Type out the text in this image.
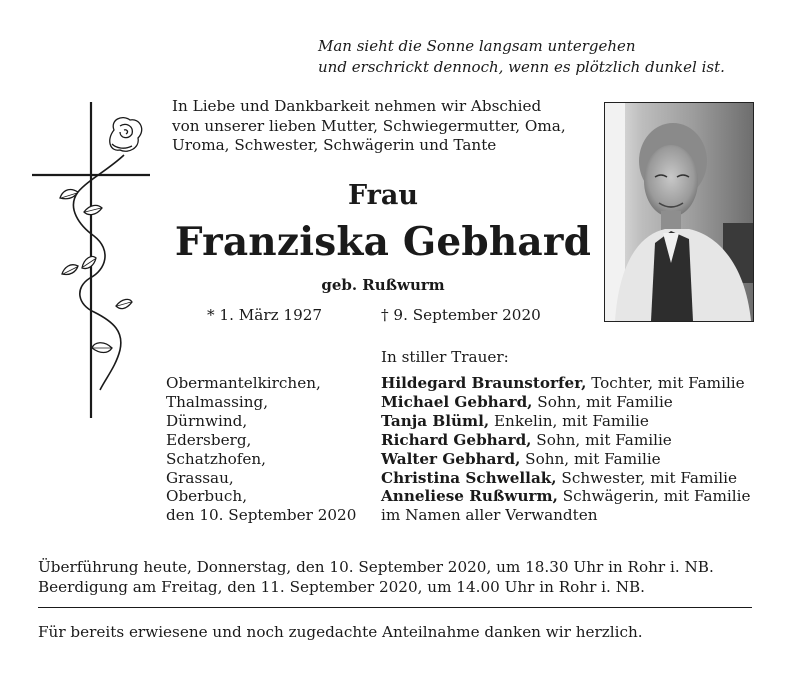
Man sieht die Sonne langsam untergehen
und erschrickt dennoch, wenn es plötzlich dunkel ist.
In Liebe und Dankbarkeit nehmen wir Abschied
von unserer lieben Mutter, Schwiegermutter, Oma,
Uroma, Schwester, Schwägerin und Tante
Frau
Franziska Gebhard
geb. Rußwurm
* 1. März 1927	† 9. September 2020
In stiller Trauer:
Obermantelkirchen,
Thalmassing,
Dürnwind,
Edersberg,
Schatzhofen,
Grassau,
Oberbuch,
den 10. September 2020
Hildegard Braunstorfer, Tochter, mit Familie
Michael Gebhard, Sohn, mit Familie
Tanja Blüml, Enkelin, mit Familie
Richard Gebhard, Sohn, mit Familie
Walter Gebhard, Sohn, mit Familie
Christina Schwellak, Schwester, mit Familie
Anneliese Rußwurm, Schwägerin, mit Familie
im Namen aller Verwandten
Überführung heute, Donnerstag, den 10. September 2020, um 18.30 Uhr in Rohr i. NB.
Beerdigung am Freitag, den 11. September 2020, um 14.00 Uhr in Rohr i. NB.
Für bereits erwiesene und noch zugedachte Anteilnahme danken wir herzlich.
